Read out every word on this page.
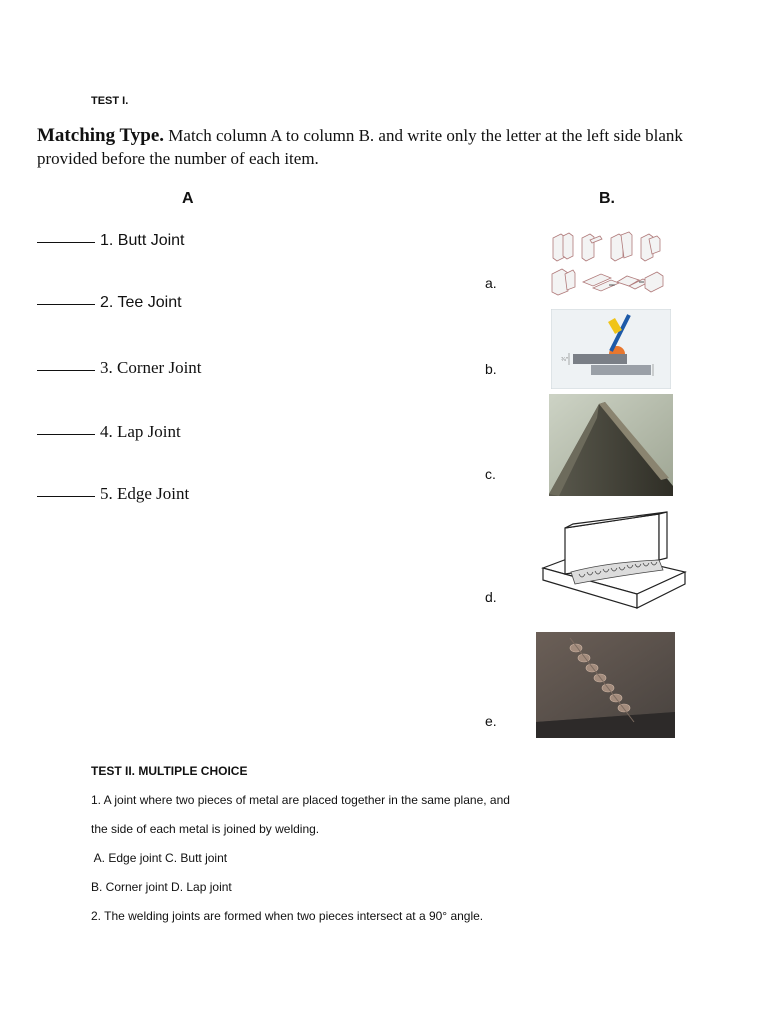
TEST I.
Matching Type. Match column A to column B. and write only the letter at the left side blank provided before the number of each item.
A	B.
1. Butt Joint
2. Tee Joint
3. Corner Joint
4. Lap Joint
5. Edge Joint
a.
b.
c.
d.
e.
¾"
TEST II. MULTIPLE CHOICE
1. A joint where two pieces of metal are placed together in the same plane, and
the side of each metal is joined by welding.
A. Edge joint C. Butt joint
B. Corner joint D. Lap joint
2. The welding joints are formed when two pieces intersect at a 90° angle.
